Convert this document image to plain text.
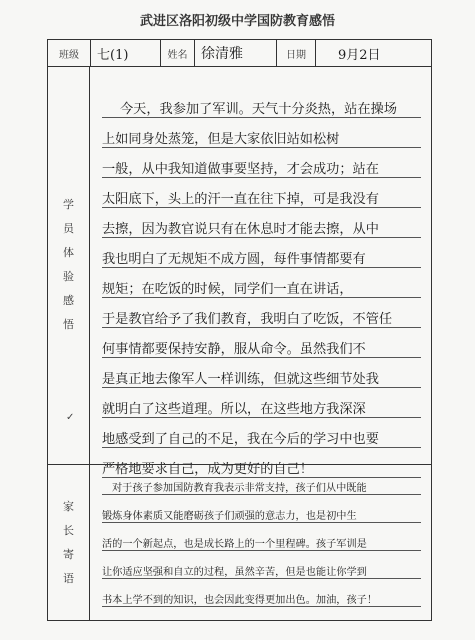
武进区洛阳初级中学国防教育感悟
班级	七(1)	姓名 徐清雅	日期	9月2日
学
员
体
验
感
悟
✓
今天，我参加了军训。天气十分炎热，站在操场
上如同身处蒸笼，但是大家依旧站如松树
一般，从中我知道做事要坚持，才会成功；站在
太阳底下，头上的汗一直在往下掉，可是我没有
去擦，因为教官说只有在休息时才能去擦，从中
我也明白了无规矩不成方圆，每件事情都要有
规矩；在吃饭的时候，同学们一直在讲话，
于是教官给予了我们教育，我明白了吃饭，不管任
何事情都要保持安静，服从命令。虽然我们不
是真正地去像军人一样训练，但就这些细节处我
就明白了这些道理。所以，在这些地方我深深
地感受到了自己的不足，我在今后的学习中也要
严格地要求自己，成为更好的自己！
家
长
寄
语
对于孩子参加国防教育我表示非常支持，孩子们从中既能
锻炼身体素质又能磨砺孩子们顽强的意志力，也是初中生
活的一个新起点，也是成长路上的一个里程碑。孩子军训是
让你适应坚强和自立的过程，虽然辛苦，但是也能让你学到
书本上学不到的知识，也会因此变得更加出色。加油，孩子！
